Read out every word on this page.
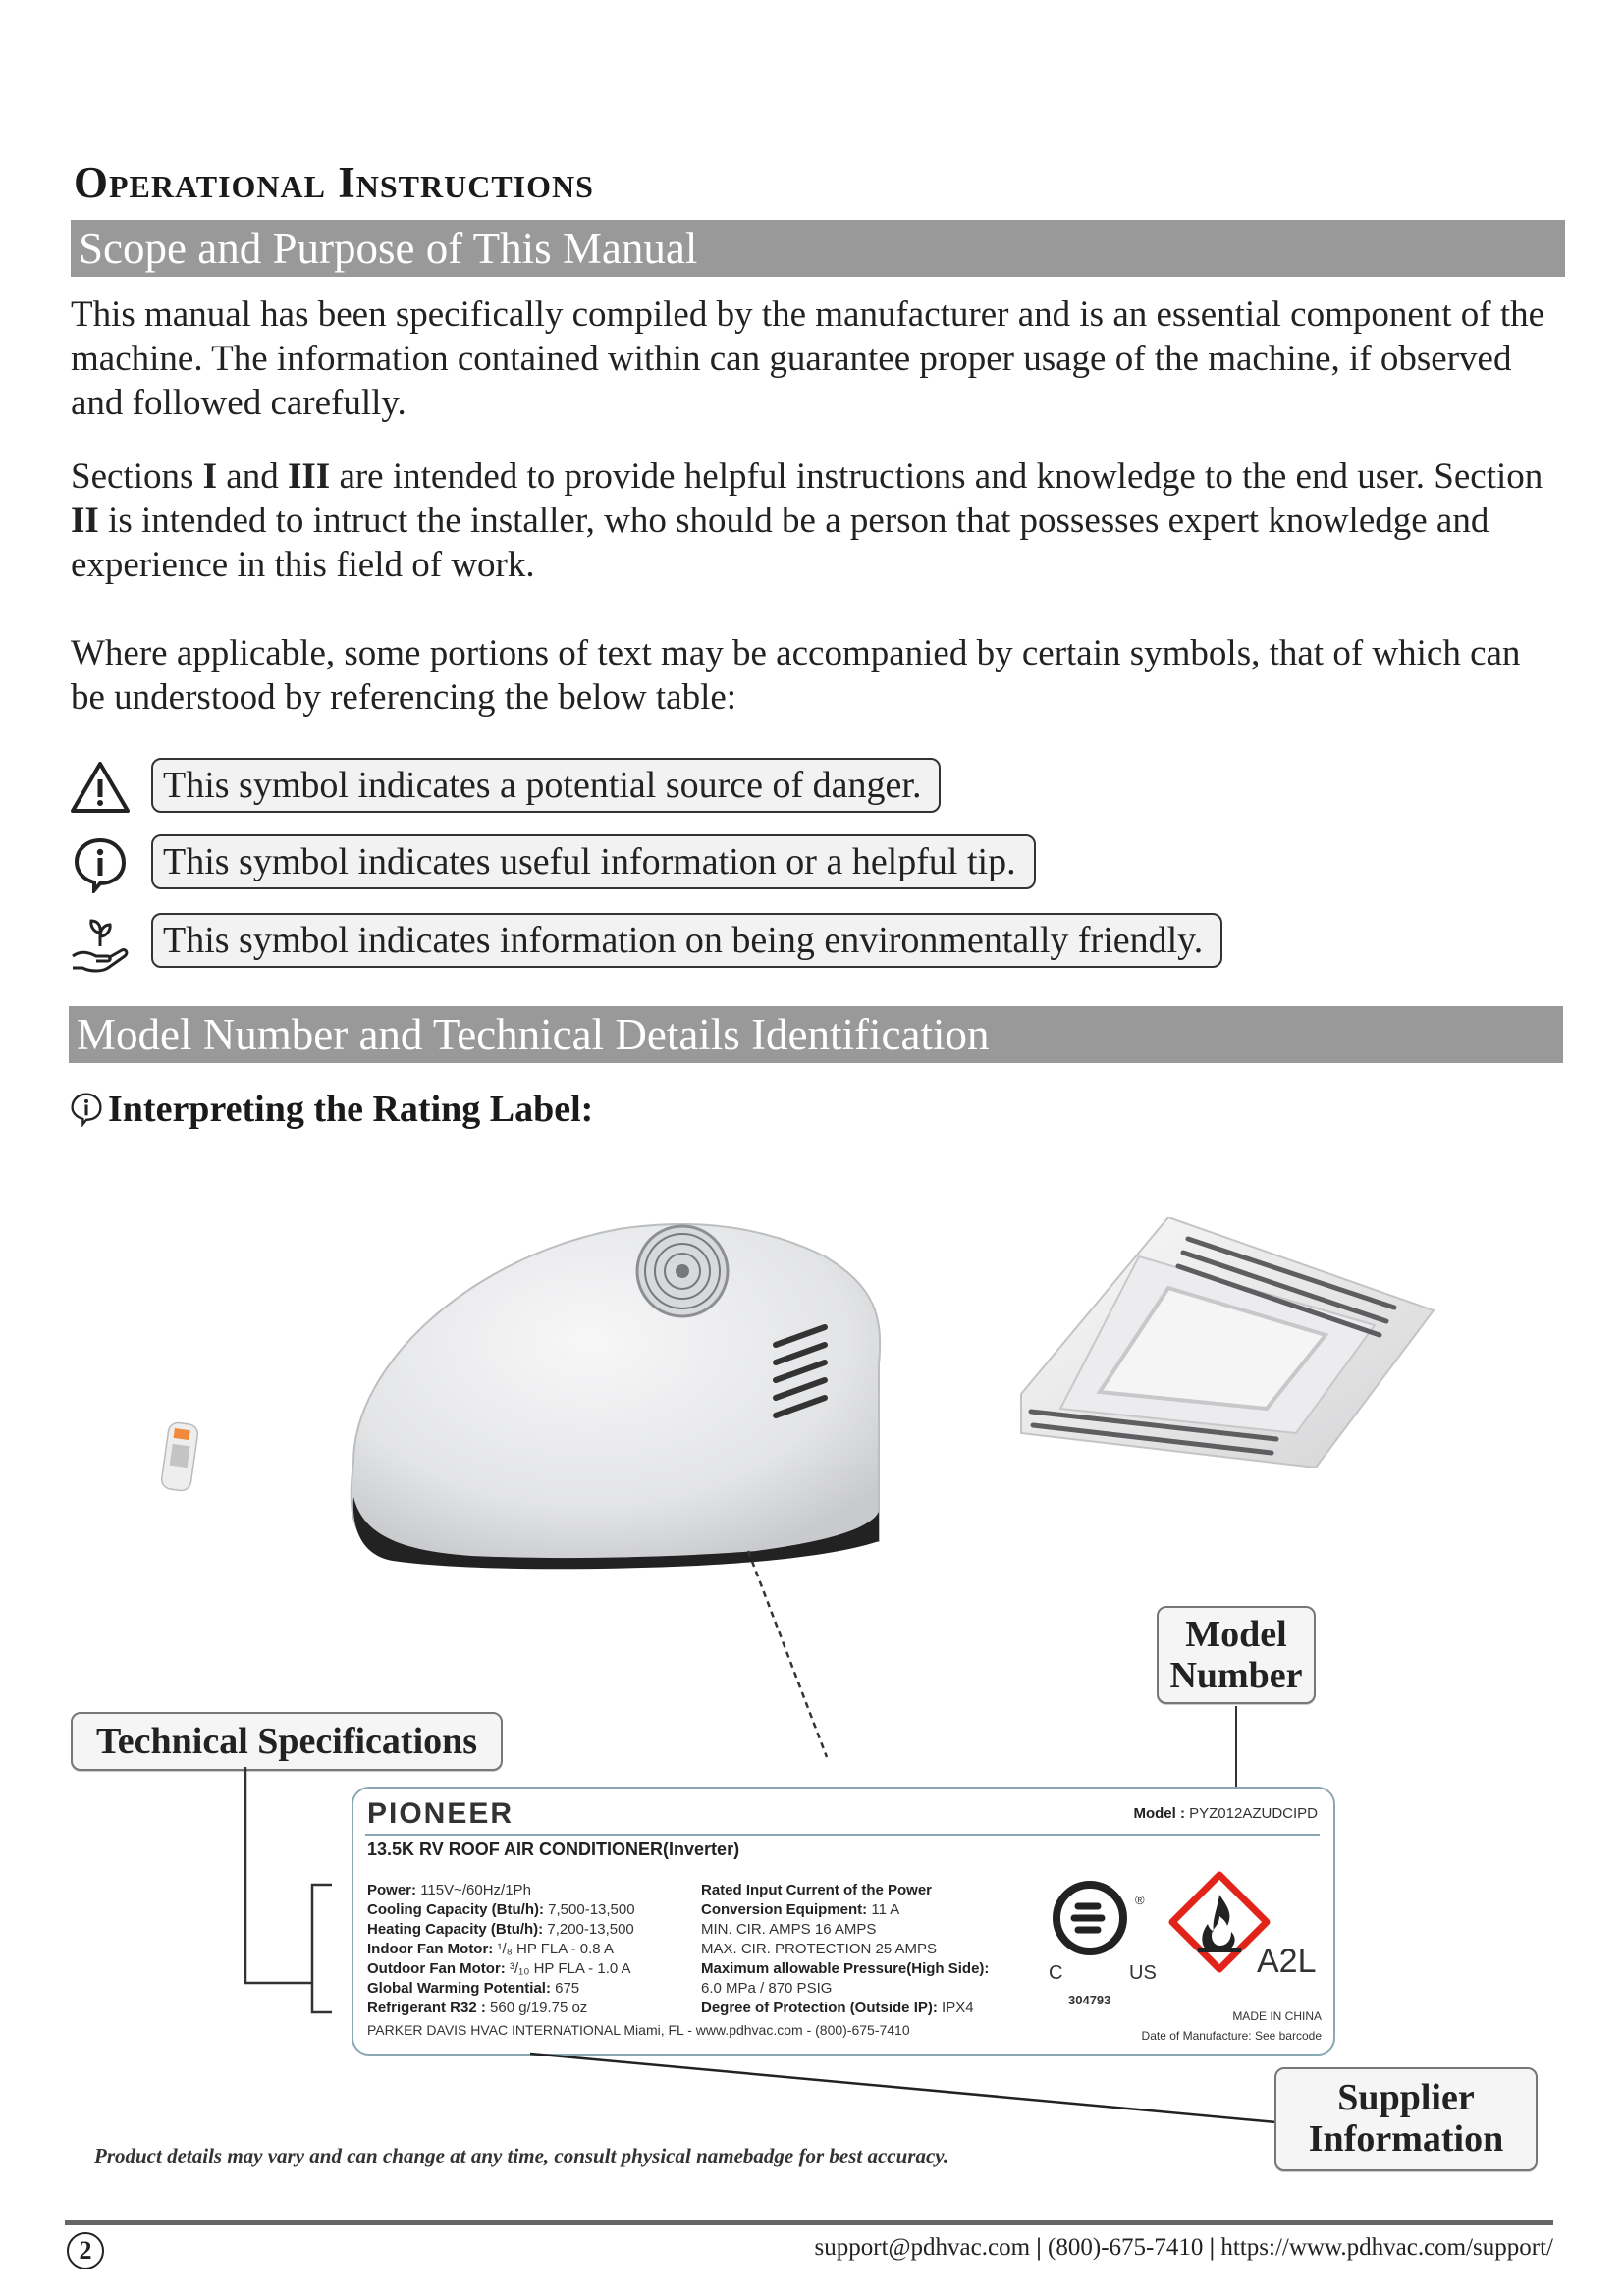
Operational Instructions
Scope and Purpose of This Manual
This manual has been specifically compiled by the manufacturer and is an essential component of the machine. The information contained within can guarantee proper usage of the machine, if observed and followed carefully.
Sections I and III are intended to provide helpful instructions and knowledge to the end user. Section II is intended to intruct the installer, who should be a person that possesses expert knowledge and experience in this field of work.
Where applicable, some portions of text may be accompanied by certain symbols, that of which can be understood by referencing the below table:
This symbol indicates a potential source of danger.
This symbol indicates useful information or a helpful tip.
This symbol indicates information on being environmentally friendly.
Model Number and Technical Details Identification
Interpreting the Rating Label:
Model
Number
Technical Specifications
PIONEER	Model : PYZ012AZUDCIPD
13.5K RV ROOF AIR CONDITIONER(Inverter)
Power: 115V~/60Hz/1Ph
Cooling Capacity (Btu/h): 7,500-13,500
Heating Capacity (Btu/h): 7,200-13,500
Indoor Fan Motor: ¹/₈ HP FLA - 0.8 A
Outdoor Fan Motor: ³/₁₀ HP FLA - 1.0 A
Global Warming Potential: 675
Refrigerant R32 : 560 g/19.75 oz
Rated Input Current of the Power
Conversion Equipment: 11 A
MIN. CIR. AMPS 16 AMPS
MAX. CIR. PROTECTION 25 AMPS
Maximum allowable Pressure(High Side):
6.0 MPa / 870 PSIG
Degree of Protection (Outside IP): IPX4
®
C	US
304793
A2L
MADE IN CHINA
Date of Manufacture: See barcode
PARKER DAVIS HVAC INTERNATIONAL Miami, FL - www.pdhvac.com - (800)-675-7410
Supplier
Information
Product details may vary and can change at any time, consult physical namebadge for best accuracy.
2	support@pdhvac.com | (800)-675-7410 | https://www.pdhvac.com/support/
